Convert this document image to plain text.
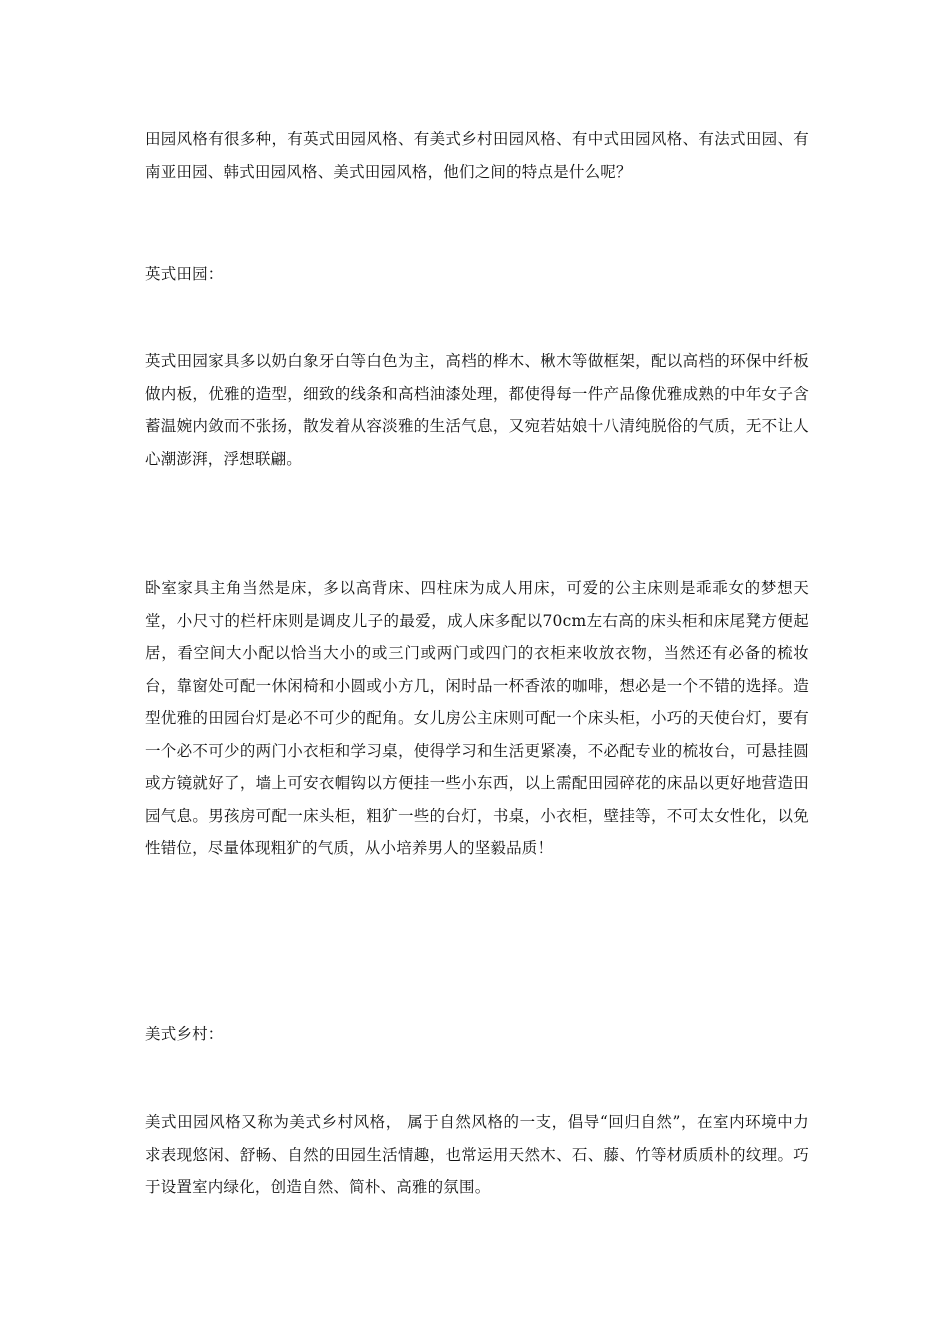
田园风格有很多种，有英式田园风格、有美式乡村田园风格、有中式田园风格、有法式田园、有南亚田园、韩式田园风格、美式田园风格，他们之间的特点是什么呢？

英式田园：

英式田园家具多以奶白象牙白等白色为主，高档的桦木、楸木等做框架，配以高档的环保中纤板做内板，优雅的造型，细致的线条和高档油漆处理，都使得每一件产品像优雅成熟的中年女子含蓄温婉内敛而不张扬，散发着从容淡雅的生活气息，又宛若姑娘十八清纯脱俗的气质，无不让人心潮澎湃，浮想联翩。

卧室家具主角当然是床，多以高背床、四柱床为成人用床，可爱的公主床则是乖乖女的梦想天堂，小尺寸的栏杆床则是调皮儿子的最爱，成人床多配以70cm左右高的床头柜和床尾凳方便起居，看空间大小配以恰当大小的或三门或两门或四门的衣柜来收放衣物，当然还有必备的梳妆台，靠窗处可配一休闲椅和小圆或小方几，闲时品一杯香浓的咖啡，想必是一个不错的选择。造型优雅的田园台灯是必不可少的配角。女儿房公主床则可配一个床头柜，小巧的天使台灯，要有一个必不可少的两门小衣柜和学习桌，使得学习和生活更紧凑，不必配专业的梳妆台，可悬挂圆或方镜就好了，墙上可安衣帽钩以方便挂一些小东西，以上需配田园碎花的床品以更好地营造田园气息。男孩房可配一床头柜，粗犷一些的台灯，书桌，小衣柜，壁挂等，不可太女性化，以免性错位，尽量体现粗犷的气质，从小培养男人的坚毅品质！

美式乡村：

美式田园风格又称为美式乡村风格， 属于自然风格的一支，倡导“回归自然”，在室内环境中力求表现悠闲、舒畅、自然的田园生活情趣，也常运用天然木、石、藤、竹等材质质朴的纹理。巧于设置室内绿化，创造自然、简朴、高雅的氛围。
